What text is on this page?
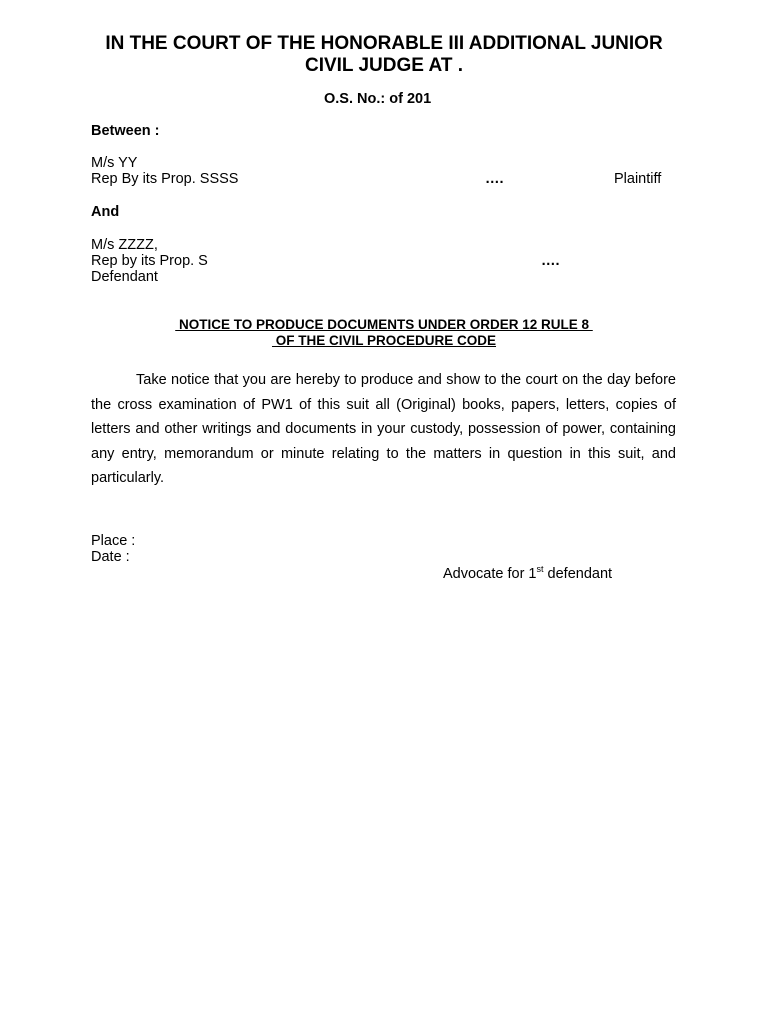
IN THE COURT OF THE HONORABLE III ADDITIONAL JUNIOR
CIVIL JUDGE AT .
O.S. No.: of 201
Between :
M/s YY
Rep By its Prop. SSSS	….	Plaintiff
And
M/s ZZZZ,
Rep by its Prop. S	….
Defendant
NOTICE TO PRODUCE DOCUMENTS UNDER ORDER 12 RULE 8
OF THE CIVIL PROCEDURE CODE
Take notice that you are hereby to produce and show to the court on the day before the cross examination of PW1 of this suit all (Original) books, papers, letters, copies of letters and other writings and documents in your custody, possession of power, containing any entry, memorandum or minute relating to the matters in question in this suit, and particularly.
Place :
Date :
Advocate for 1st defendant
